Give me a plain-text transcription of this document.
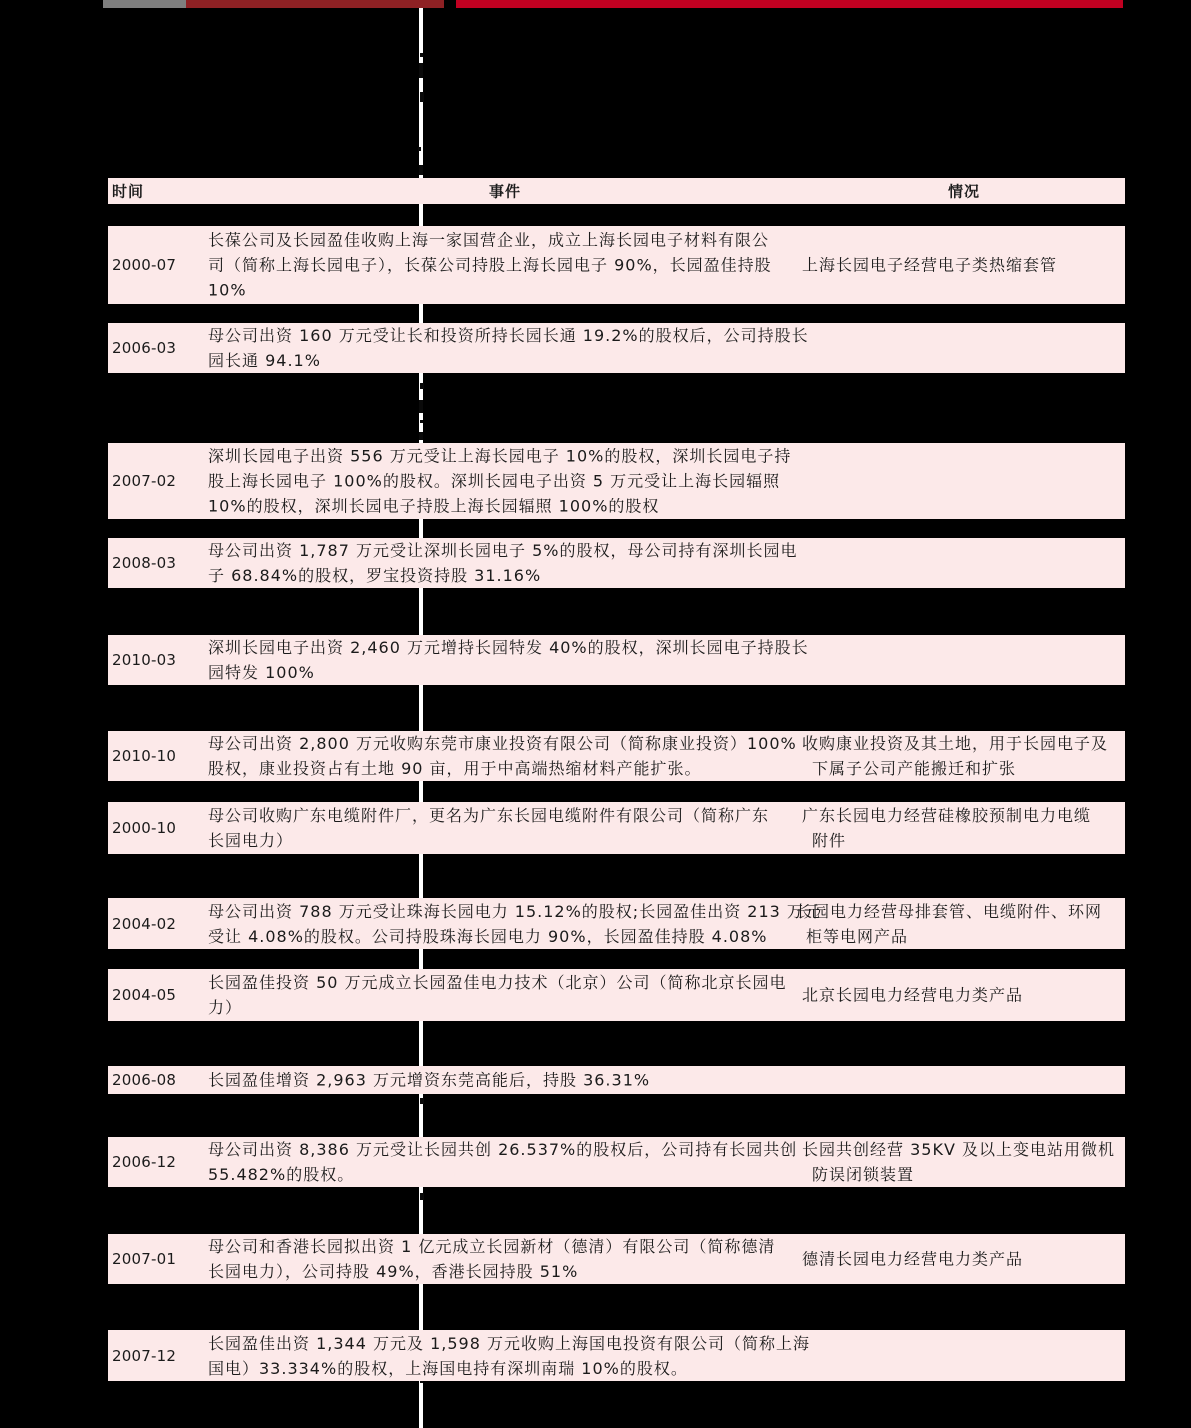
时间	事件	情况
2000-07
长葆公司及长园盈佳收购上海一家国营企业，成立上海长园电子材料有限公
司（简称上海长园电子），长葆公司持股上海长园电子 90%，长园盈佳持股
10%
上海长园电子经营电子类热缩套管
2006-03
母公司出资 160 万元受让长和投资所持长园长通 19.2%的股权后，公司持股长
园长通 94.1%
2007-02
深圳长园电子出资 556 万元受让上海长园电子 10%的股权，深圳长园电子持
股上海长园电子 100%的股权。深圳长园电子出资 5 万元受让上海长园辐照
10%的股权，深圳长园电子持股上海长园辐照 100%的股权
2008-03
母公司出资 1,787 万元受让深圳长园电子 5%的股权，母公司持有深圳长园电
子 68.84%的股权，罗宝投资持股 31.16%
2010-03
深圳长园电子出资 2,460 万元增持长园特发 40%的股权，深圳长园电子持股长
园特发 100%
2010-10
母公司出资 2,800 万元收购东莞市康业投资有限公司（简称康业投资）100%
股权，康业投资占有土地 90 亩，用于中高端热缩材料产能扩张。
收购康业投资及其土地，用于长园电子及
下属子公司产能搬迁和扩张
2000-10
母公司收购广东电缆附件厂，更名为广东长园电缆附件有限公司（简称广东
长园电力）
广东长园电力经营硅橡胶预制电力电缆
附件
2004-02
母公司出资 788 万元受让珠海长园电力 15.12%的股权;长园盈佳出资 213 万元
受让 4.08%的股权。公司持股珠海长园电力 90%，长园盈佳持股 4.08%
长园电力经营母排套管、电缆附件、环网
柜等电网产品
2004-05
长园盈佳投资 50 万元成立长园盈佳电力技术（北京）公司（简称北京长园电
力）
北京长园电力经营电力类产品
2006-08 长园盈佳增资 2,963 万元增资东莞高能后，持股 36.31%
2006-12
母公司出资 8,386 万元受让长园共创 26.537%的股权后，公司持有长园共创
55.482%的股权。
长园共创经营 35KV 及以上变电站用微机
防误闭锁装置
2007-01
母公司和香港长园拟出资 1 亿元成立长园新材（德清）有限公司（简称德清
长园电力），公司持股 49%，香港长园持股 51%
德清长园电力经营电力类产品
2007-12
长园盈佳出资 1,344 万元及 1,598 万元收购上海国电投资有限公司（简称上海
国电）33.334%的股权，上海国电持有深圳南瑞 10%的股权。
